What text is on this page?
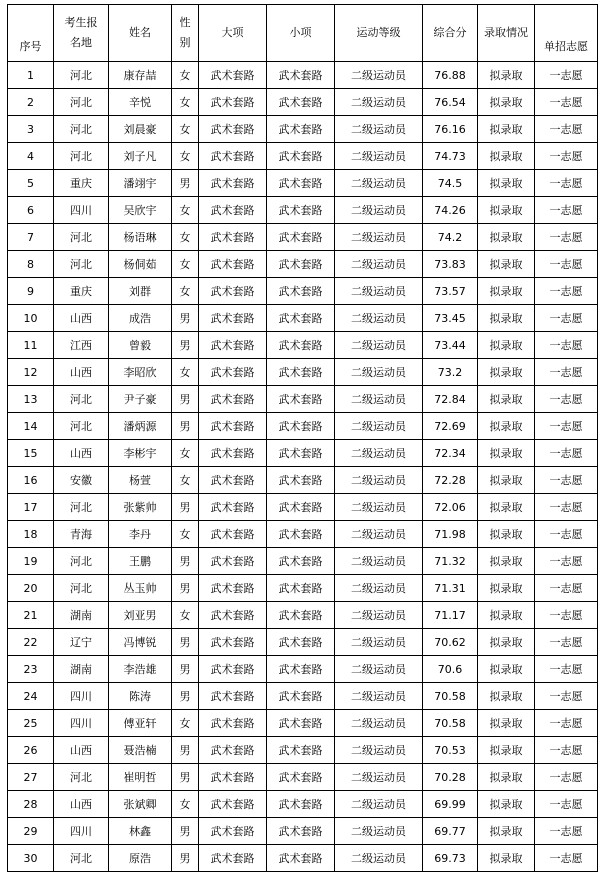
序号	考生报名地	姓名	性别	大项	小项	运动等级	综合分	录取情况	单招志愿
1	河北	康存喆	女	武术套路	武术套路	二级运动员	76.88	拟录取	一志愿
2	河北	辛悦	女	武术套路	武术套路	二级运动员	76.54	拟录取	一志愿
3	河北	刘晨豪	女	武术套路	武术套路	二级运动员	76.16	拟录取	一志愿
4	河北	刘子凡	女	武术套路	武术套路	二级运动员	74.73	拟录取	一志愿
5	重庆	潘翊宇	男	武术套路	武术套路	二级运动员	74.5	拟录取	一志愿
6	四川	吴欣宇	女	武术套路	武术套路	二级运动员	74.26	拟录取	一志愿
7	河北	杨语琳	女	武术套路	武术套路	二级运动员	74.2	拟录取	一志愿
8	河北	杨侗茹	女	武术套路	武术套路	二级运动员	73.83	拟录取	一志愿
9	重庆	刘群	女	武术套路	武术套路	二级运动员	73.57	拟录取	一志愿
10	山西	成浩	男	武术套路	武术套路	二级运动员	73.45	拟录取	一志愿
11	江西	曾毅	男	武术套路	武术套路	二级运动员	73.44	拟录取	一志愿
12	山西	李昭欣	女	武术套路	武术套路	二级运动员	73.2	拟录取	一志愿
13	河北	尹子豪	男	武术套路	武术套路	二级运动员	72.84	拟录取	一志愿
14	河北	潘炳源	男	武术套路	武术套路	二级运动员	72.69	拟录取	一志愿
15	山西	李彬宇	女	武术套路	武术套路	二级运动员	72.34	拟录取	一志愿
16	安徽	杨萱	女	武术套路	武术套路	二级运动员	72.28	拟录取	一志愿
17	河北	张紫帅	男	武术套路	武术套路	二级运动员	72.06	拟录取	一志愿
18	青海	李丹	女	武术套路	武术套路	二级运动员	71.98	拟录取	一志愿
19	河北	王鹏	男	武术套路	武术套路	二级运动员	71.32	拟录取	一志愿
20	河北	丛玉帅	男	武术套路	武术套路	二级运动员	71.31	拟录取	一志愿
21	湖南	刘亚男	女	武术套路	武术套路	二级运动员	71.17	拟录取	一志愿
22	辽宁	冯博锐	男	武术套路	武术套路	二级运动员	70.62	拟录取	一志愿
23	湖南	李浩雄	男	武术套路	武术套路	二级运动员	70.6	拟录取	一志愿
24	四川	陈涛	男	武术套路	武术套路	二级运动员	70.58	拟录取	一志愿
25	四川	傅亚轩	女	武术套路	武术套路	二级运动员	70.58	拟录取	一志愿
26	山西	聂浩楠	男	武术套路	武术套路	二级运动员	70.53	拟录取	一志愿
27	河北	崔明哲	男	武术套路	武术套路	二级运动员	70.28	拟录取	一志愿
28	山西	张斌卿	女	武术套路	武术套路	二级运动员	69.99	拟录取	一志愿
29	四川	林鑫	男	武术套路	武术套路	二级运动员	69.77	拟录取	一志愿
30	河北	原浩	男	武术套路	武术套路	二级运动员	69.73	拟录取	一志愿
